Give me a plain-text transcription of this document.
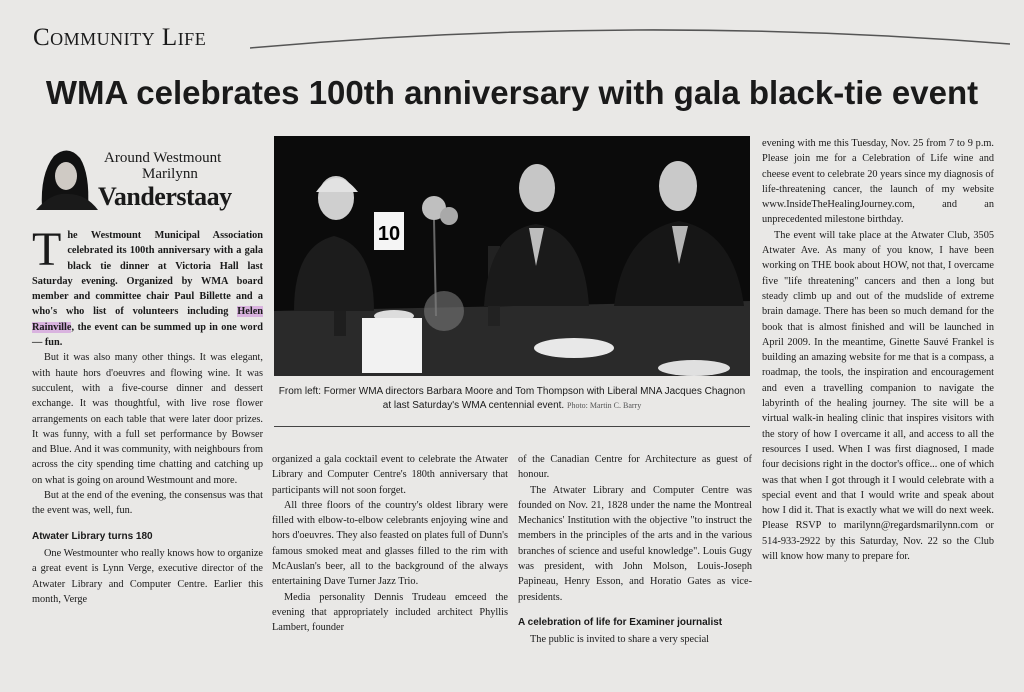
Community Life
WMA celebrates 100th anniversary with gala black-tie event
Around Westmount
Marilynn
Vanderstaay

The Westmount Municipal Association celebrated its 100th anniversary with a gala black tie dinner at Victoria Hall last Saturday evening. Organized by WMA board member and committee chair Paul Billette and a who's who list of volunteers including Helen Rainville, the event can be summed up in one word — fun.

But it was also many other things. It was elegant, with haute hors d'oeuvres and flowing wine. It was succulent, with a five-course dinner and dessert exchange. It was thoughtful, with live rose flower arrangements on each table that were later door prizes. It was funny, with a full set performance by Bowser and Blue. And it was community, with neighbours from across the city spending time chatting and catching up on what is going on around Westmount and more.

But at the end of the evening, the consensus was that the event was, well, fun.

Atwater Library turns 180

One Westmounter who really knows how to organize a great event is Lynn Verge, executive director of the Atwater Library and Computer Centre. Earlier this month, Verge

10
From left: Former WMA directors Barbara Moore and Tom Thompson with Liberal MNA Jacques Chagnon at last Saturday's WMA centennial event. Photo: Martin C. Barry

organized a gala cocktail event to celebrate the Atwater Library and Computer Centre's 180th anniversary that participants will not soon forget.

All three floors of the country's oldest library were filled with elbow-to-elbow celebrants enjoying wine and hors d'oeuvres. They also feasted on plates full of Dunn's famous smoked meat and glasses filled to the rim with McAuslan's beer, all to the background of the always entertaining Dave Turner Jazz Trio.

Media personality Dennis Trudeau emceed the evening that appropriately included architect Phyllis Lambert, founder

of the Canadian Centre for Architecture as guest of honour.

The Atwater Library and Computer Centre was founded on Nov. 21, 1828 under the name the Montreal Mechanics' Institution with the objective "to instruct the members in the principles of the arts and in the various branches of science and useful knowledge". Louis Gugy was president, with John Molson, Louis-Joseph Papineau, Henry Esson, and Horatio Gates as vice-presidents.

A celebration of life for Examiner journalist

The public is invited to share a very special

evening with me this Tuesday, Nov. 25 from 7 to 9 p.m. Please join me for a Celebration of Life wine and cheese event to celebrate 20 years since my diagnosis of life-threatening cancer, the launch of my website www.InsideTheHealingJourney.com, and an unprecedented milestone birthday.

The event will take place at the Atwater Club, 3505 Atwater Ave. As many of you know, I have been working on THE book about HOW, not that, I overcame five "life threatening" cancers and then a long but steady climb up and out of the mudslide of extreme brain damage. There has been so much demand for the book that is almost finished and will be launched in April 2009. In the meantime, Ginette Sauvé Frankel is building an amazing website for me that is a compass, a roadmap, the tools, the inspiration and encouragement and even a travelling companion to navigate the labyrinth of the healing journey. The site will be a virtual walk-in healing clinic that inspires visitors with the story of how I overcame it all, and access to all the resources I used. When I was first diagnosed, I made four decisions right in the doctor's office... one of which was that when I got through it I would celebrate with a special event and that I would write and speak about how I did it. That is exactly what we will do next week. Please RSVP to marilynn@regardsmarilynn.com or 514-933-2922 by this Saturday, Nov. 22 so the Club will know how many to prepare for.
